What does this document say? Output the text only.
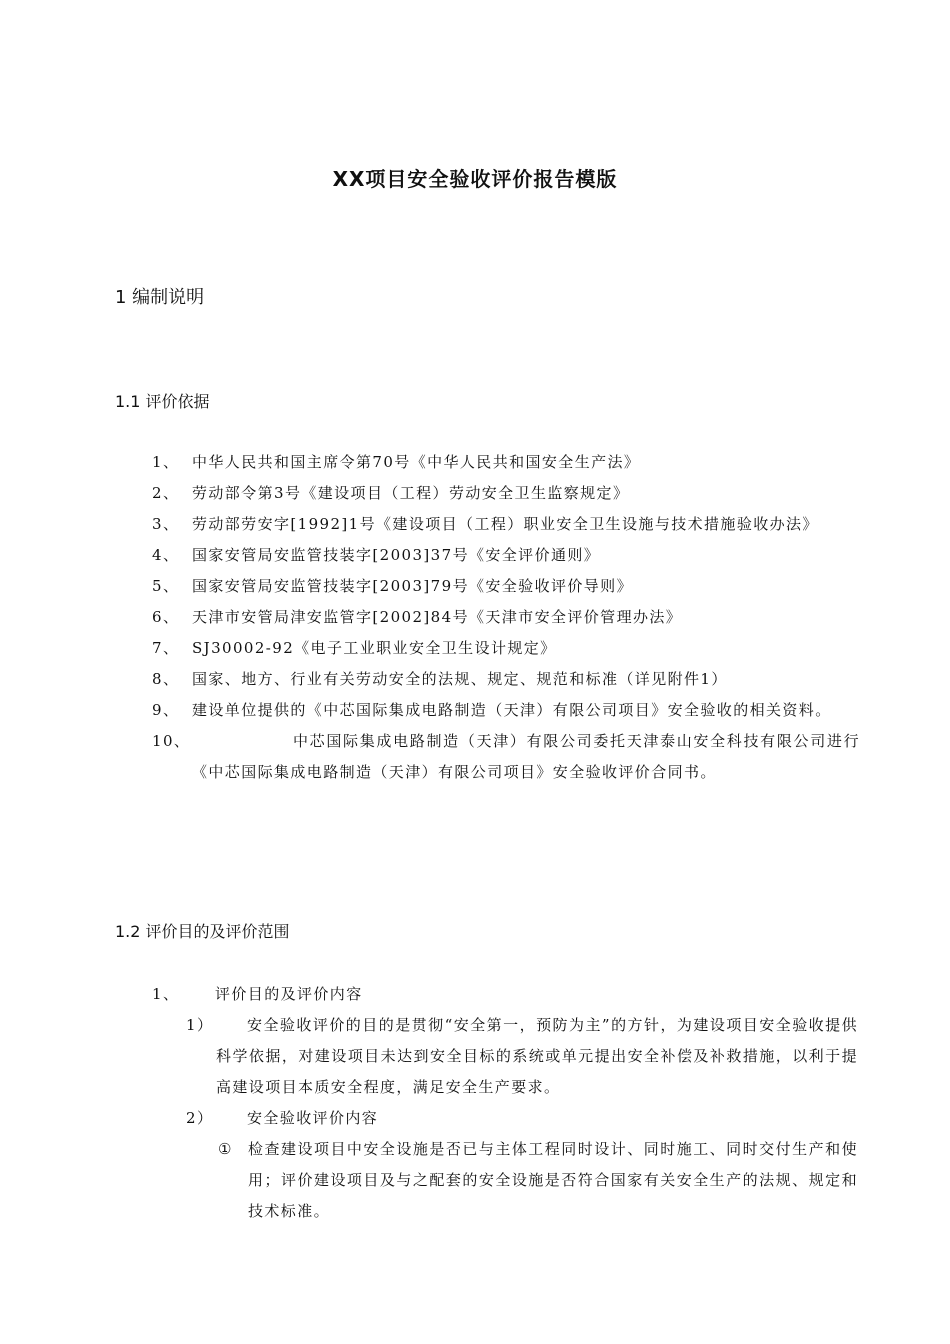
XX项目安全验收评价报告模版
1 编制说明
1.1 评价依据
1、 中华人民共和国主席令第70号《中华人民共和国安全生产法》
2、 劳动部令第3号《建设项目（工程）劳动安全卫生监察规定》
3、 劳动部劳安字[1992]1号《建设项目（工程）职业安全卫生设施与技术措施验收办法》
4、 国家安管局安监管技装字[2003]37号《安全评价通则》
5、 国家安管局安监管技装字[2003]79号《安全验收评价导则》
6、 天津市安管局津安监管字[2002]84号《天津市安全评价管理办法》
7、 SJ30002-92《电子工业职业安全卫生设计规定》
8、 国家、地方、行业有关劳动安全的法规、规定、规范和标准（详见附件1）
9、 建设单位提供的《中芯国际集成电路制造（天津）有限公司项目》安全验收的相关资料。
10、	中芯国际集成电路制造（天津）有限公司委托天津泰山安全科技有限公司进行《中芯国际集成电路制造（天津）有限公司项目》安全验收评价合同书。
1.2 评价目的及评价范围
1、 评价目的及评价内容
1）	安全验收评价的目的是贯彻“安全第一，预防为主”的方针，为建设项目安全验收提供科学依据，对建设项目未达到安全目标的系统或单元提出安全补偿及补救措施，以利于提高建设项目本质安全程度，满足安全生产要求。
2）	安全验收评价内容
① 检查建设项目中安全设施是否已与主体工程同时设计、同时施工、同时交付生产和使用；评价建设项目及与之配套的安全设施是否符合国家有关安全生产的法规、规定和技术标准。
